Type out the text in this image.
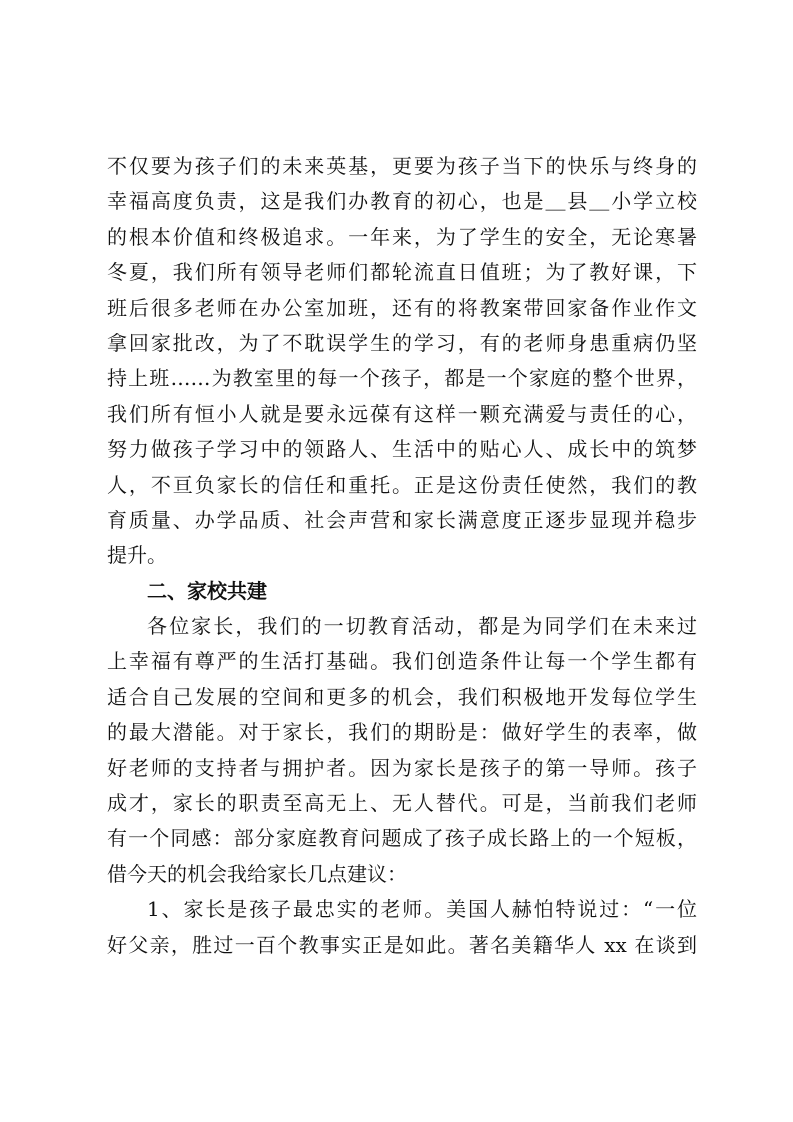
不仅要为孩子们的未来英基，更要为孩子当下的快乐与终身的
幸福高度负责，这是我们办教育的初心，也是＿县＿小学立校
的根本价值和终极追求。一年来，为了学生的安全，无论寒暑
冬夏，我们所有领导老师们都轮流直日值班；为了教好课，下
班后很多老师在办公室加班，还有的将教案带回家备作业作文
拿回家批改，为了不耽误学生的学习，有的老师身患重病仍坚
持上班……为教室里的每一个孩子，都是一个家庭的整个世界，
我们所有恒小人就是要永远葆有这样一颗充满爱与责任的心，
努力做孩子学习中的领路人、生活中的贴心人、成长中的筑梦
人，不亘负家长的信任和重托。正是这份责任使然，我们的教
育质量、办学品质、社会声营和家长满意度正逐步显现并稳步
提升。
二、家校共建
各位家长，我们的一切教育活动，都是为同学们在未来过
上幸福有尊严的生活打基础。我们创造条件让每一个学生都有
适合自己发展的空间和更多的机会，我们积极地开发每位学生
的最大潜能。对于家长，我们的期盼是：做好学生的表率，做
好老师的支持者与拥护者。因为家长是孩子的第一导师。孩子
成才，家长的职责至高无上、无人替代。可是，当前我们老师
有一个同感：部分家庭教育问题成了孩子成长路上的一个短板，
借今天的机会我给家长几点建议：
1、家长是孩子最忠实的老师。美国人赫怕特说过：“一位
好父亲，胜过一百个教事实正是如此。著名美籍华人 xx 在谈到
